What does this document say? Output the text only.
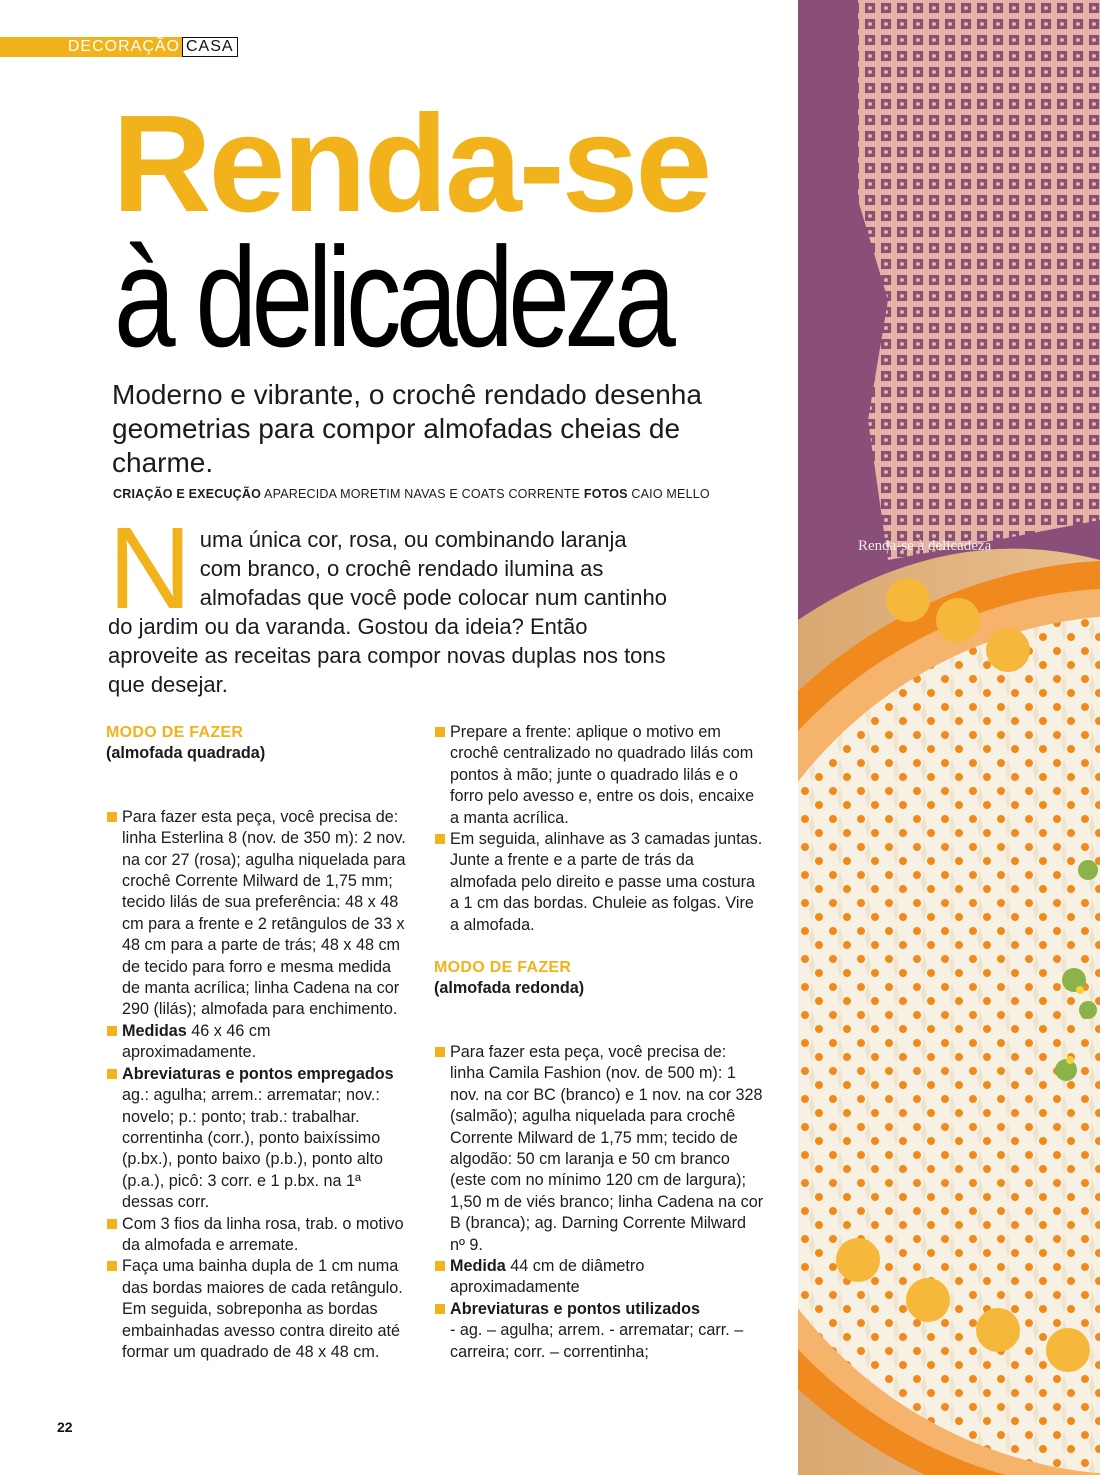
DECORAÇÃO CASA
Renda-se
à delicadeza
Moderno e vibrante, o crochê rendado desenha geometrias para compor almofadas cheias de charme.
CRIAÇÃO E EXECUÇÃO APARECIDA MORETIM NAVAS E COATS CORRENTE FOTOS CAIO MELLO
Numa única cor, rosa, ou combinando laranja com branco, o crochê rendado ilumina as almofadas que você pode colocar num cantinho do jardim ou da varanda. Gostou da ideia? Então aproveite as receitas para compor novas duplas nos tons que desejar.

MODO DE FAZER

(almofada quadrada)

Para fazer esta peça, você precisa de: linha Esterlina 8 (nov. de 350 m): 2 nov. na cor 27 (rosa); agulha niquelada para crochê Corrente Milward de 1,75 mm; tecido lilás de sua preferência: 48 x 48 cm para a frente e 2 retângulos de 33 x 48 cm para a parte de trás; 48 x 48 cm de tecido para forro e mesma medida de manta acrílica; linha Cadena na cor 290 (lilás); almofada para enchimento.

Medidas 46 x 46 cm aproximadamente.

Abreviaturas e pontos empregados ag.: agulha; arrem.: arrematar; nov.: novelo; p.: ponto; trab.: trabalhar. correntinha (corr.), ponto baixíssimo (p.bx.), ponto baixo (p.b.), ponto alto (p.a.), picô: 3 corr. e 1 p.bx. na 1ª dessas corr.

Com 3 fios da linha rosa, trab. o motivo da almofada e arremate.

Faça uma bainha dupla de 1 cm numa das bordas maiores de cada retângulo. Em seguida, sobreponha as bordas embainhadas avesso contra direito até formar um quadrado de 48 x 48 cm.

Prepare a frente: aplique o motivo em crochê centralizado no quadrado lilás com pontos à mão; junte o quadrado lilás e o forro pelo avesso e, entre os dois, encaixe a manta acrílica.

Em seguida, alinhave as 3 camadas juntas. Junte a frente e a parte de trás da almofada pelo direito e passe uma costura a 1 cm das bordas. Chuleie as folgas. Vire a almofada.

MODO DE FAZER

(almofada redonda)

Para fazer esta peça, você precisa de: linha Camila Fashion (nov. de 500 m): 1 nov. na cor BC (branco) e 1 nov. na cor 328 (salmão); agulha niquelada para crochê Corrente Milward de 1,75 mm; tecido de algodão: 50 cm laranja e 50 cm branco (este com no mínimo 120 cm de largura); 1,50 m de viés branco; linha Cadena na cor B (branca); ag. Darning Corrente Milward nº 9.

Medida 44 cm de diâmetro aproximadamente

Abreviaturas e pontos utilizados
- ag. – agulha; arrem. - arrematar; carr. – carreira; corr. – correntinha;

22
Renda-se à delicadeza
